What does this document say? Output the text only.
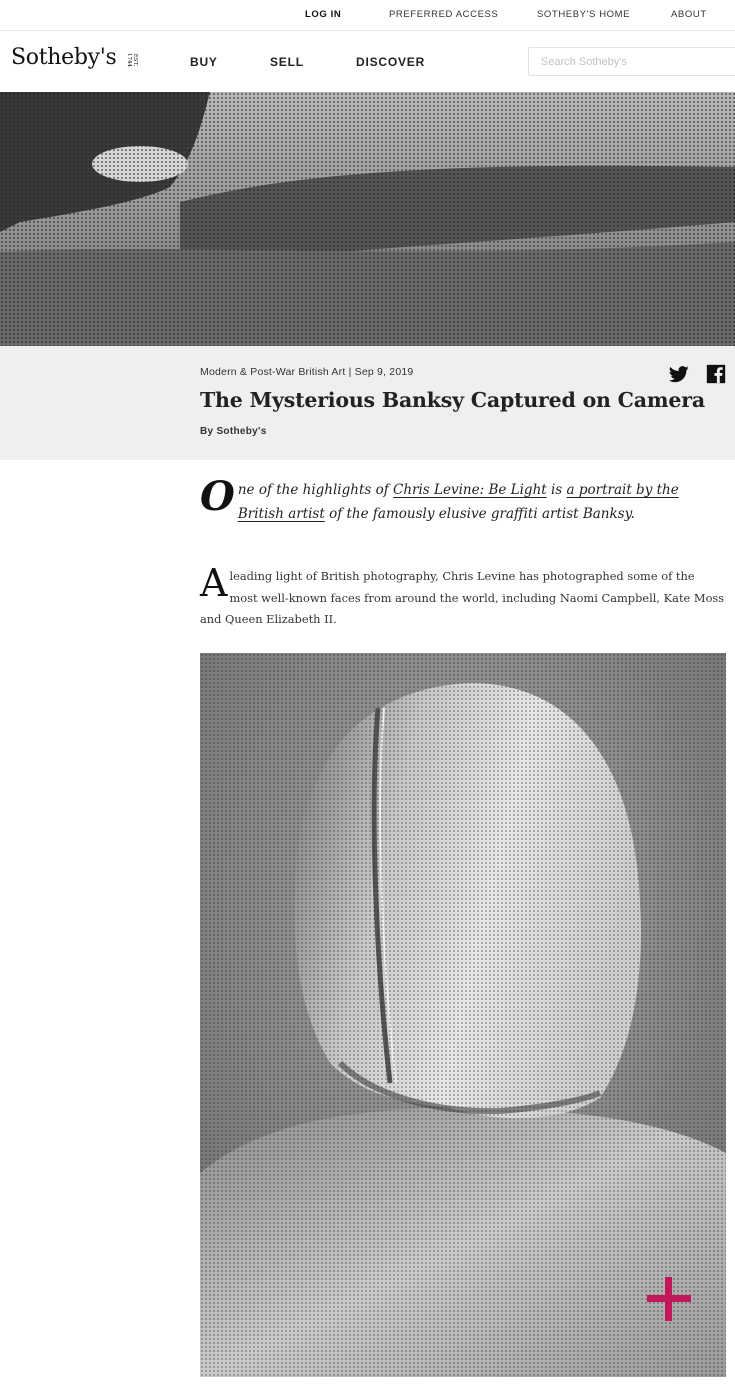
LOG IN	PREFERRED ACCESS	SOTHEBY'S HOME	ABOUT
Sotheby's	EST. 1744	BUY	SELL	DISCOVER
Search Sotheby's
Modern & Post-War British Art | Sep 9, 2019
The Mysterious Banksy Captured on Camera
By Sotheby's

One of the highlights of Chris Levine: Be Light is a portrait by the British artist of the famously elusive graffiti artist Banksy.

A leading light of British photography, Chris Levine has photographed some of the most well-known faces from around the world, including Naomi Campbell, Kate Moss and Queen Elizabeth II.
